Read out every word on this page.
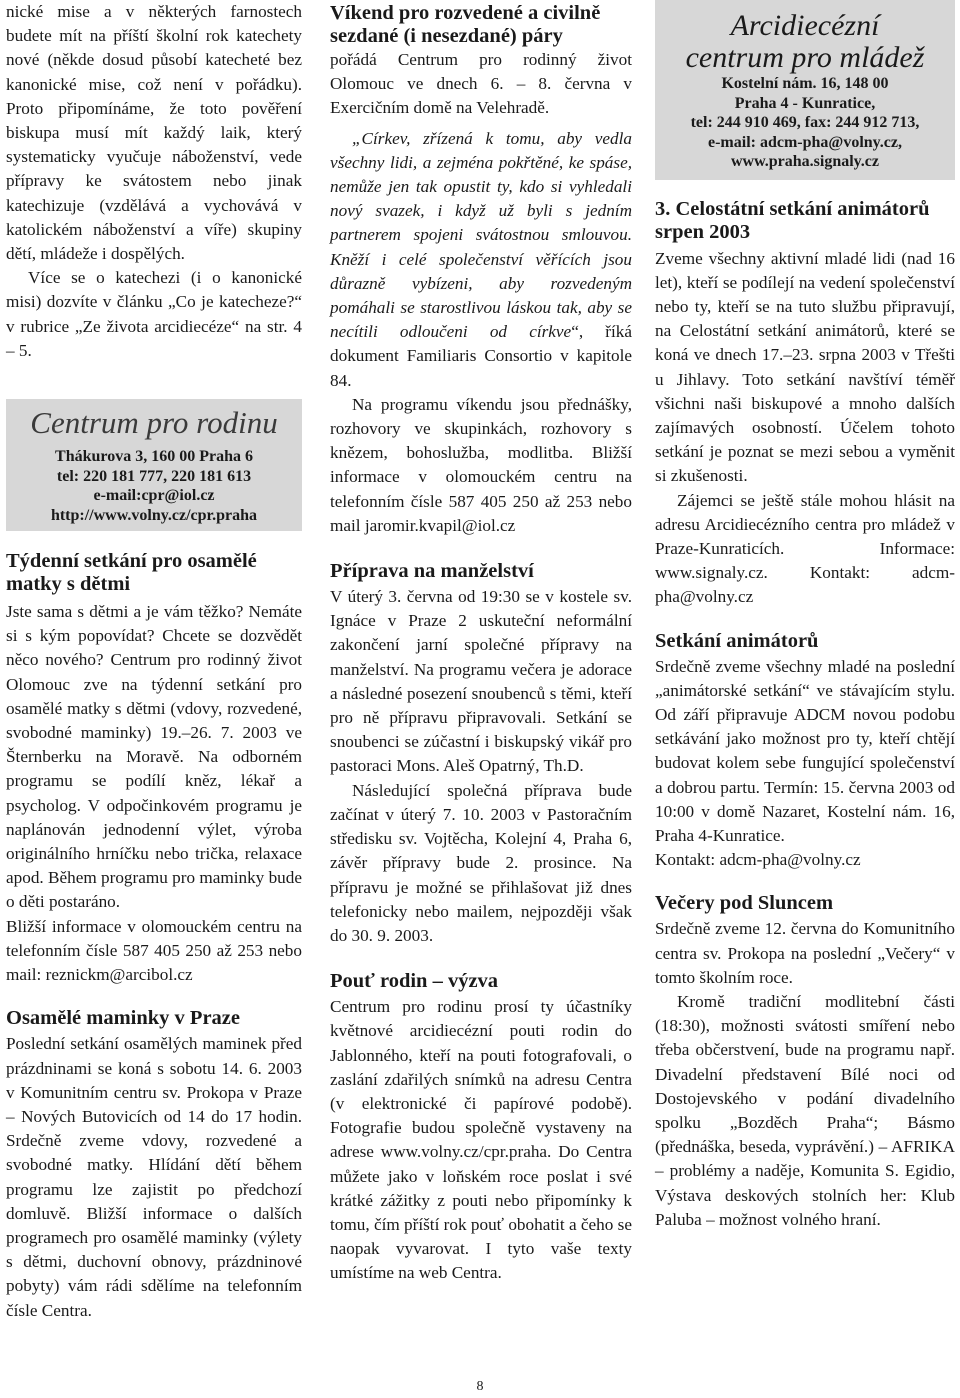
nické mise a v některých farnostech budete mít na příští školní rok katechety nové (někde dosud působí katecheté bez kanonické mise, což není v pořádku). Proto připomínáme, že toto pověření biskupa musí mít každý laik, který systematicky vyučuje náboženství, vede přípravy ke svátostem nebo jinak katechizuje (vzdělává a vychovává v katolickém náboženství a víře) skupiny dětí, mládeže i dospělých.

Více se o katechezi (i o kanonické misi) dozvíte v článku „Co je katecheze?“ v rubrice „Ze života arcidiecéze“ na str. 4 – 5.

Centrum pro rodinu
Thákurova 3, 160 00 Praha 6
tel: 220 181 777, 220 181 613
e-mail:cpr@iol.cz
http://www.volny.cz/cpr.praha
Týdenní setkání pro osamělé matky s dětmi

Jste sama s dětmi a je vám těžko? Nemáte si s kým popovídat? Chcete se dozvědět něco nového? Centrum pro rodinný život Olomouc zve na týdenní setkání pro osamělé matky s dětmi (vdovy, rozvedené, svobodné maminky) 19.–26. 7. 2003 ve Šternberku na Moravě. Na odborném programu se podílí kněz, lékař a psycholog. V odpočinkovém programu je naplánován jednodenní výlet, výroba originálního hrníčku nebo trička, relaxace apod. Během programu pro maminky bude o děti postaráno.

Bližší informace v olomouckém centru na telefonním čísle 587 405 250 až 253 nebo mail: reznickm@arcibol.cz

Osamělé maminky v Praze

Poslední setkání osamělých maminek před prázdninami se koná s sobotu 14. 6. 2003 v Komunitním centru sv. Prokopa v Praze – Nových Butovicích od 14 do 17 hodin. Srdečně zveme vdovy, rozvedené a svobodné matky. Hlídání dětí během programu lze zajistit po předchozí domluvě. Bližší informace o dalších programech pro osamělé maminky (výlety s dětmi, duchovní obnovy, prázdninové pobyty) vám rádi sdělíme na telefonním čísle Centra.

Víkend pro rozvedené a civilně sezdané (i nesezdané) páry

pořádá Centrum pro rodinný život Olomouc ve dnech 6. – 8. června v Exercičním domě na Velehradě.

„Církev, zřízená k tomu, aby vedla všechny lidi, a zejména pokřtěné, ke spáse, nemůže jen tak opustit ty, kdo si vyhledali nový svazek, i když už byli s jedním partnerem spojeni svátostnou smlouvou. Kněží i celé společenství věřících jsou důrazně vybízeni, aby rozvedeným pomáhali se starostlivou láskou tak, aby se necítili odloučeni od církve“, říká dokument Familiaris Consortio v kapitole 84.

Na programu víkendu jsou přednášky, rozhovory ve skupinkách, rozhovory s knězem, bohoslužba, modlitba. Bližší informace v olomouckém centru na telefonním čísle 587 405 250 až 253 nebo mail jaromir.kvapil@iol.cz

Příprava na manželství

V úterý 3. června od 19:30 se v kostele sv. Ignáce v Praze 2 uskuteční neformální zakončení jarní společné přípravy na manželství. Na programu večera je adorace a následné posezení snoubenců s těmi, kteří pro ně přípravu připravovali. Setkání se snoubenci se zúčastní i biskupský vikář pro pastoraci Mons. Aleš Opatrný, Th.D.

Následující společná příprava bude začínat v úterý 7. 10. 2003 v Pastoračním středisku sv. Vojtěcha, Kolejní 4, Praha 6, závěr přípravy bude 2. prosince. Na přípravu je možné se přihlašovat již dnes telefonicky nebo mailem, nejpozději však do 30. 9. 2003.

Pouť rodin – výzva

Centrum pro rodinu prosí ty účastníky květnové arcidiecézní pouti rodin do Jablonného, kteří na pouti fotografovali, o zaslání zdařilých snímků na adresu Centra (v elektronické či papírové podobě). Fotografie budou společně vystaveny na adrese www.volny.cz/cpr.praha. Do Centra můžete jako v loňském roce poslat i své krátké zážitky z pouti nebo připomínky k tomu, čím příští rok pouť obohatit a čeho se naopak vyvarovat. I tyto vaše texty umístíme na web Centra.

Arcidiecézní
centrum pro mládež
Kostelní nám. 16, 148 00
Praha 4 - Kunratice,
tel: 244 910 469, fax: 244 912 713,
e-mail: adcm-pha@volny.cz,
www.praha.signaly.cz
3. Celostátní setkání animátorů srpen 2003

Zveme všechny aktivní mladé lidi (nad 16 let), kteří se podílejí na vedení společenství nebo ty, kteří se na tuto službu připravují, na Celostátní setkání animátorů, které se koná ve dnech 17.–23. srpna 2003 v Třešti u Jihlavy. Toto setkání navštíví téměř všichni naši biskupové a mnoho dalších zajímavých osobností. Účelem tohoto setkání je poznat se mezi sebou a vyměnit si zkušenosti.

Zájemci se ještě stále mohou hlásit na adresu Arcidiecézního centra pro mládež v Praze-Kunraticích. Informace: www.signaly.cz. Kontakt: adcm-pha@volny.cz

Setkání animátorů

Srdečně zveme všechny mladé na poslední „animátorské setkání“ ve stávajícím stylu. Od září připravuje ADCM novou podobu setkávání jako možnost pro ty, kteří chtějí budovat kolem sebe fungující společenství a dobrou partu. Termín: 15. června 2003 od 10:00 v domě Nazaret, Kostelní nám. 16, Praha 4-Kunratice.

Kontakt: adcm-pha@volny.cz

Večery pod Sluncem

Srdečně zveme 12. června do Komunitního centra sv. Prokopa na poslední „Večery“ v tomto školním roce.

Kromě tradiční modlitební části (18:30), možnosti svátosti smíření nebo třeba občerstvení, bude na programu např. Divadelní představení Bílé noci od Dostojevského v podání divadelního spolku „Bozděch Praha“; Básmo (přednáška, beseda, vyprávění.) – AFRIKA – problémy a naděje, Komunita S. Egidio, Výstava deskových stolních her: Klub Paluba – možnost volného hraní.

8
